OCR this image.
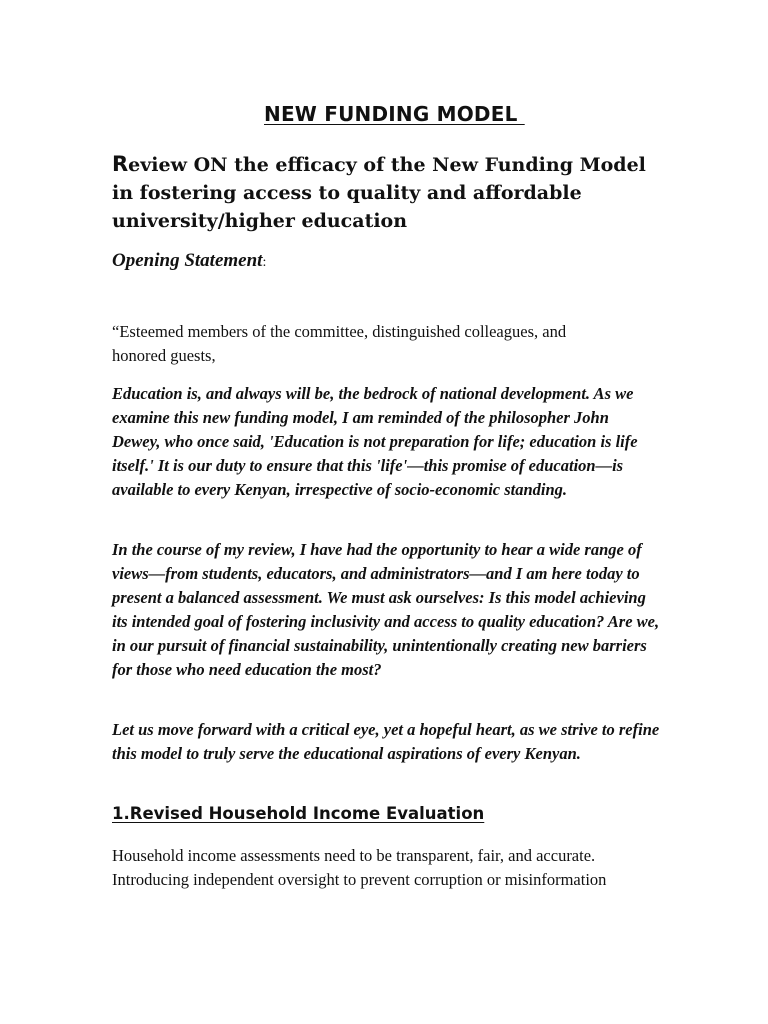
NEW FUNDING MODEL
Review ON the efficacy of the New Funding Model in fostering access to quality and affordable university/higher education

Opening Statement:

“Esteemed members of the committee, distinguished colleagues, and honored guests,

Education is, and always will be, the bedrock of national development. As we examine this new funding model, I am reminded of the philosopher John Dewey, who once said, 'Education is not preparation for life; education is life itself.' It is our duty to ensure that this 'life'—this promise of education—is available to every Kenyan, irrespective of socio-economic standing.

In the course of my review, I have had the opportunity to hear a wide range of views—from students, educators, and administrators—and I am here today to present a balanced assessment. We must ask ourselves: Is this model achieving its intended goal of fostering inclusivity and access to quality education? Are we, in our pursuit of financial sustainability, unintentionally creating new barriers for those who need education the most?

Let us move forward with a critical eye, yet a hopeful heart, as we strive to refine this model to truly serve the educational aspirations of every Kenyan.

1.Revised Household Income Evaluation

Household income assessments need to be transparent, fair, and accurate. Introducing independent oversight to prevent corruption or misinformation
